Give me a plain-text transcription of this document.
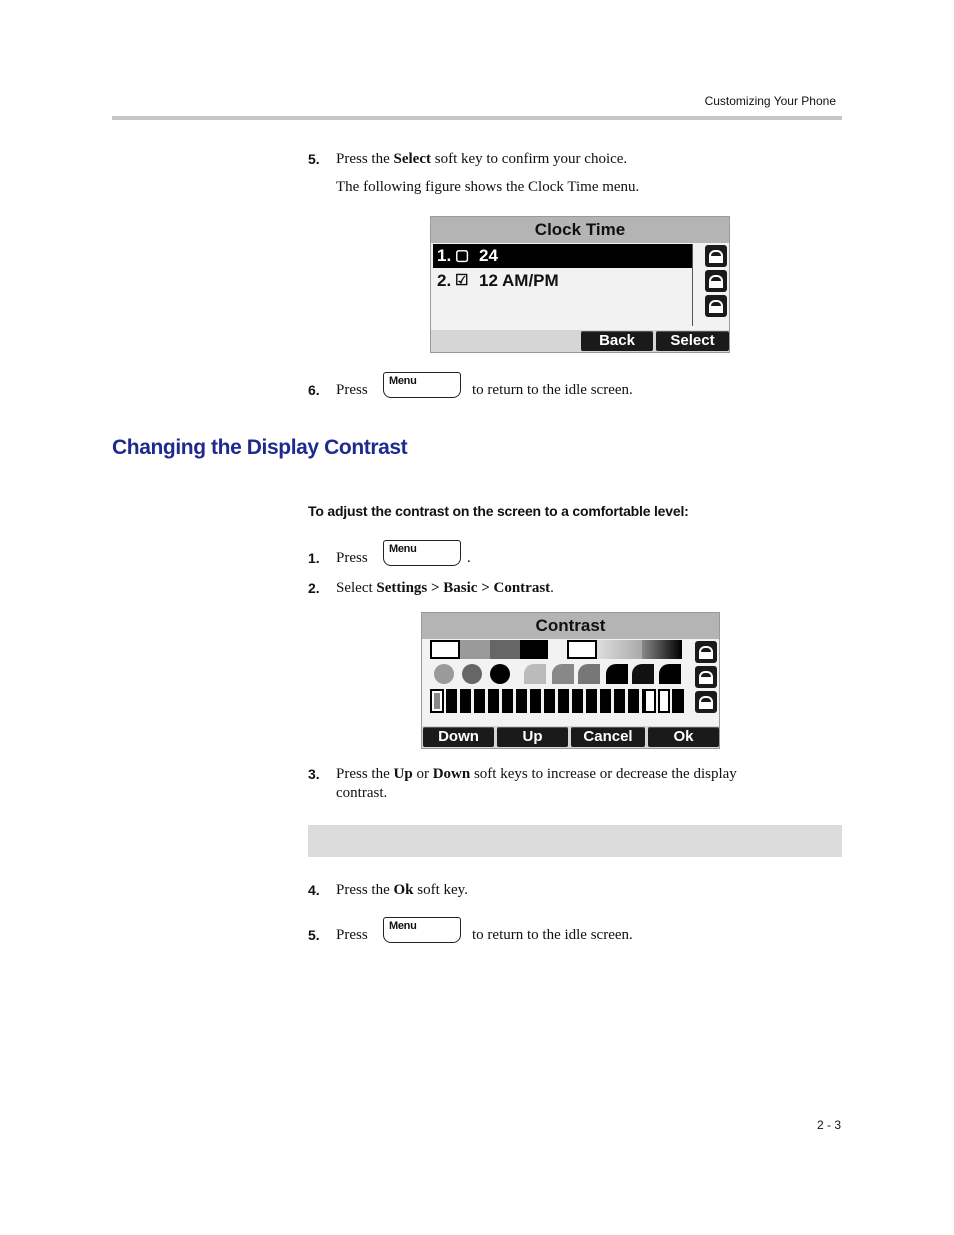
Customizing Your Phone
5. Press the Select soft key to confirm your choice.
The following figure shows the Clock Time menu.
Clock Time
1. ▢ 24
2. ☑ 12 AM/PM
Back	Select
6. Press
Menu
to return to the idle screen.
Changing the Display Contrast
To adjust the contrast on the screen to a comfortable level:
1. Press
Menu
.
2. Select Settings > Basic > Contrast.
Contrast
Down	Up	Cancel	Ok
3. Press the Up or Down soft keys to increase or decrease the display
contrast.
4. Press the Ok soft key.
5. Press
Menu
to return to the idle screen.
2 - 3
